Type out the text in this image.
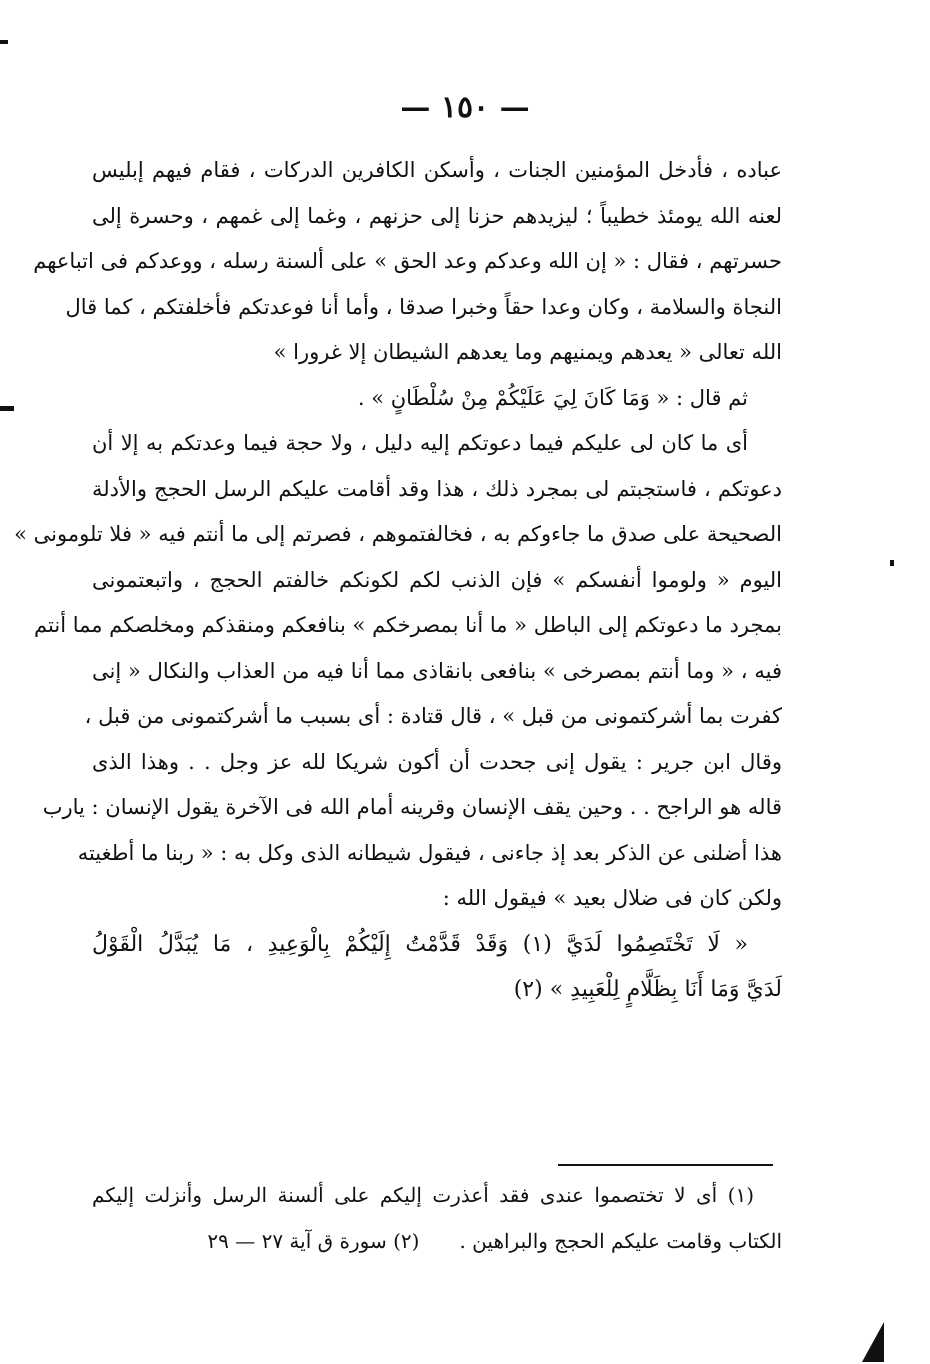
— ١٥٠ —
عباده ، فأدخل المؤمنين الجنات ، وأسكن الكافرين الدركات ، فقام فيهم إبليس
لعنه الله يومئذ خطيباً ؛ ليزيدهم حزنا إلى حزنهم ، وغما إلى غمهم ، وحسرة إلى
حسرتهم ، فقال : « إن الله وعدكم وعد الحق » على ألسنة رسله ، ووعدكم فى اتباعهم
النجاة والسلامة ، وكان وعدا حقاً وخبرا صدقا ، وأما أنا فوعدتكم فأخلفتكم ، كما قال
الله تعالى « يعدهم ويمنيهم وما يعدهم الشيطان إلا غرورا »
ثم قال : « وَمَا كَانَ لِيَ عَلَيْكُمْ مِنْ سُلْطَانٍ » .
أى ما كان لى عليكم فيما دعوتكم إليه دليل ، ولا حجة فيما وعدتكم به إلا أن
دعوتكم ، فاستجبتم لى بمجرد ذلك ، هذا وقد أقامت عليكم الرسل الحجج والأدلة
الصحيحة على صدق ما جاءوكم به ، فخالفتموهم ، فصرتم إلى ما أنتم فيه « فلا تلومونى »
اليوم « ولوموا أنفسكم » فإن الذنب لكم لكونكم خالفتم الحجج ، واتبعتمونى
بمجرد ما دعوتكم إلى الباطل « ما أنا بمصرخكم » بنافعكم ومنقذكم ومخلصكم مما أنتم
فيه ، « وما أنتم بمصرخى » بنافعى بانقاذى مما أنا فيه من العذاب والنكال « إنى
كفرت بما أشركتمونى من قبل » ، قال قتادة : أى بسبب ما أشركتمونى من قبل ،
وقال ابن جرير : يقول إنى جحدت أن أكون شريكا لله عز وجل . . وهذا الذى
قاله هو الراجح . . وحين يقف الإنسان وقرينه أمام الله فى الآخرة يقول الإنسان : يارب
هذا أضلنى عن الذكر بعد إذ جاءنى ، فيقول شيطانه الذى وكل به : « ربنا ما أطغيته
ولكن كان فى ضلال بعيد » فيقول الله :
« لَا تَخْتَصِمُوا لَدَيَّ (١) وَقَدْ قَدَّمْتُ إِلَيْكُمْ بِالْوَعِيدِ ، مَا يُبَدَّلُ الْقَوْلُ
لَدَيَّ وَمَا أَنَا بِظَلَّامٍ لِلْعَبِيدِ » (٢)
(١) أى لا تختصموا عندى فقد أعذرت إليكم على ألسنة الرسل وأنزلت إليكم
الكتاب وقامت عليكم الحجج والبراهين .
(٢) سورة ق آية ٢٧ — ٢٩
